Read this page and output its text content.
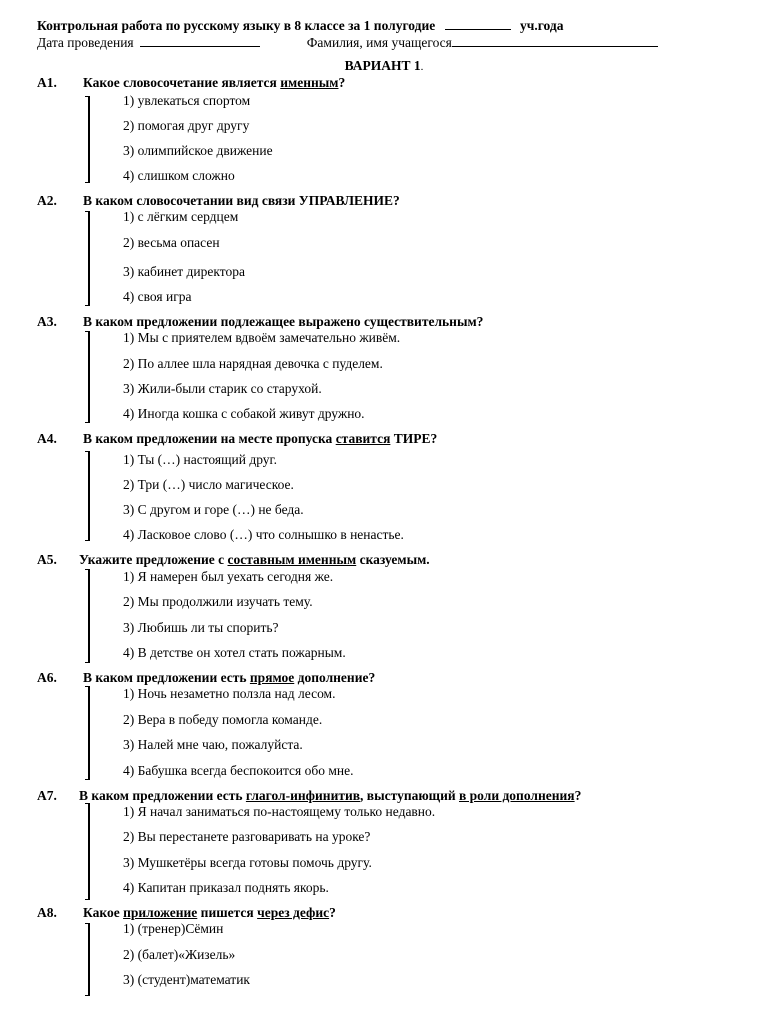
Контрольная работа по русскому языку в 8 классе за 1 полугодие	уч.года
Дата проведения	Фамилия, имя учащегося
ВАРИАНТ 1.
А1. Какое словосочетание является именным?
1) увлекаться спортом
2) помогая друг другу
3) олимпийское движение
4) слишком сложно
А2. В каком словосочетании вид связи УПРАВЛЕНИЕ?
1) с лёгким сердцем
2) весьма опасен
3) кабинет директора
4) своя игра
А3. В каком предложении подлежащее выражено существительным?
1) Мы с приятелем вдвоём замечательно живём.
2) По аллее шла нарядная девочка с пуделем.
3) Жили-были старик со старухой.
4) Иногда кошка с собакой живут дружно.
А4. В каком предложении на месте пропуска ставится ТИРЕ?
1) Ты (…) настоящий друг.
2) Три (…) число магическое.
3) С другом и горе (…) не беда.
4) Ласковое слово (…) что солнышко в ненастье.
А5. Укажите предложение с составным именным сказуемым.
1) Я намерен был уехать сегодня же.
2) Мы продолжили изучать тему.
3) Любишь ли ты спорить?
4) В детстве он хотел стать пожарным.
А6. В каком предложении есть прямое дополнение?
1) Ночь незаметно ползла над лесом.
2) Вера в победу помогла команде.
3) Налей мне чаю, пожалуйста.
4) Бабушка всегда беспокоится обо мне.
А7. В каком предложении есть глагол-инфинитив, выступающий в роли дополнения?
1) Я начал заниматься по-настоящему только недавно.
2) Вы перестанете разговаривать на уроке?
3) Мушкетёры всегда готовы помочь другу.
4) Капитан приказал поднять якорь.
А8. Какое приложение пишется через дефис?
1) (тренер)Сёмин
2) (балет)«Жизель»
3) (студент)математик
